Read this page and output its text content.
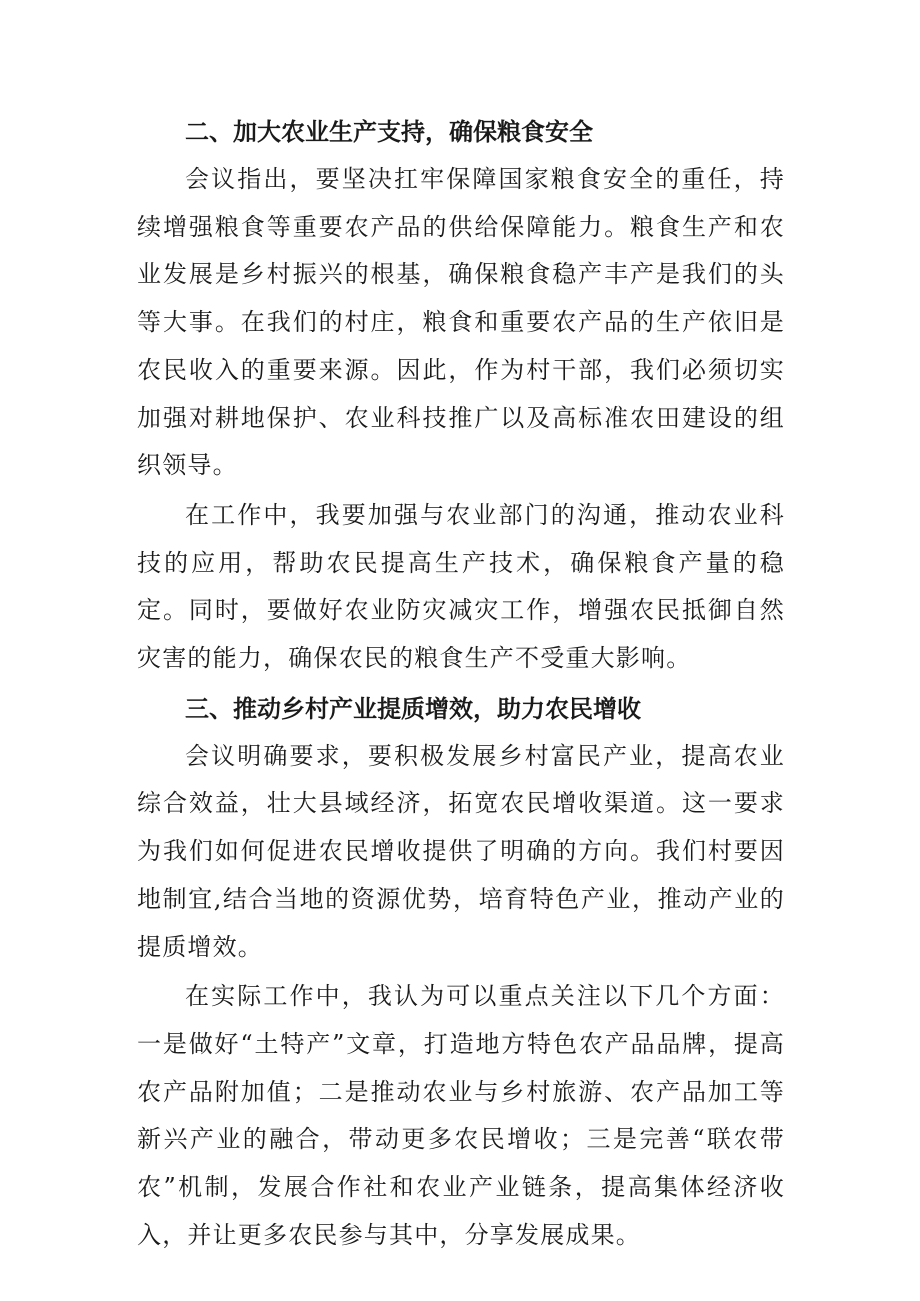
二、加大农业生产支持，确保粮食安全

会议指出，要坚决扛牢保障国家粮食安全的重任，持续增强粮食等重要农产品的供给保障能力。粮食生产和农业发展是乡村振兴的根基，确保粮食稳产丰产是我们的头等大事。在我们的村庄，粮食和重要农产品的生产依旧是农民收入的重要来源。因此，作为村干部，我们必须切实加强对耕地保护、农业科技推广以及高标准农田建设的组织领导。

在工作中，我要加强与农业部门的沟通，推动农业科技的应用，帮助农民提高生产技术，确保粮食产量的稳定。同时，要做好农业防灾减灾工作，增强农民抵御自然灾害的能力，确保农民的粮食生产不受重大影响。

三、推动乡村产业提质增效，助力农民增收

会议明确要求，要积极发展乡村富民产业，提高农业综合效益，壮大县域经济，拓宽农民增收渠道。这一要求为我们如何促进农民增收提供了明确的方向。我们村要因地制宜,结合当地的资源优势，培育特色产业，推动产业的提质增效。

在实际工作中，我认为可以重点关注以下几个方面：一是做好“土特产”文章，打造地方特色农产品品牌，提高农产品附加值；二是推动农业与乡村旅游、农产品加工等新兴产业的融合，带动更多农民增收；三是完善“联农带农”机制，发展合作社和农业产业链条，提高集体经济收入，并让更多农民参与其中，分享发展成果。
